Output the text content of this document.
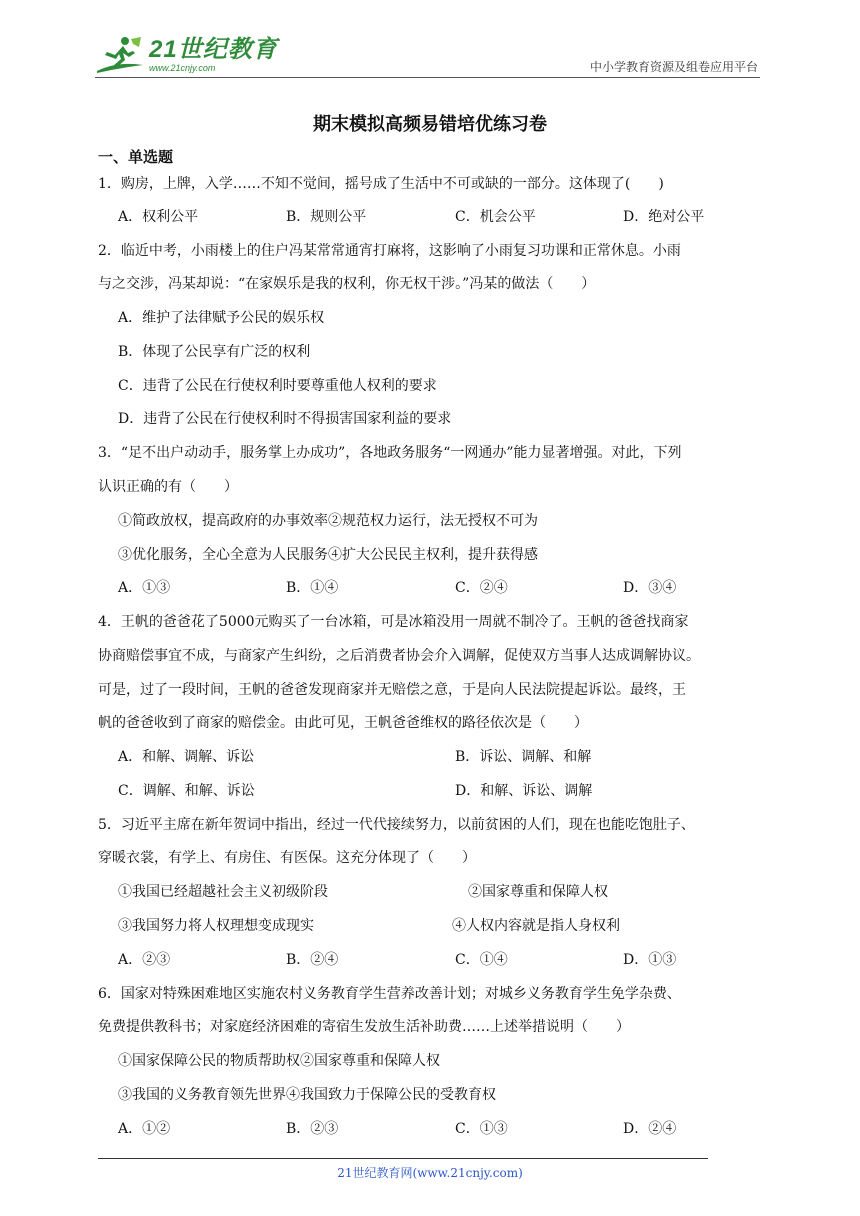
21世纪教育
www.21cnjy.com	中小学教育资源及组卷应用平台
期末模拟高频易错培优练习卷
一、单选题
1．购房，上牌，入学……不知不觉间，摇号成了生活中不可或缺的一部分。这体现了(　　)
A．权利公平	B．规则公平	C．机会公平	D．绝对公平
2．临近中考，小雨楼上的住户冯某常常通宵打麻将，这影响了小雨复习功课和正常休息。小雨
与之交涉，冯某却说：“在家娱乐是我的权利，你无权干涉。”冯某的做法（　　）
A．维护了法律赋予公民的娱乐权
B．体现了公民享有广泛的权利
C．违背了公民在行使权利时要尊重他人权利的要求
D．违背了公民在行使权利时不得损害国家利益的要求
3．“足不出户动动手，服务掌上办成功”，各地政务服务“一网通办”能力显著增强。对此，下列
认识正确的有（　　）
①简政放权，提高政府的办事效率②规范权力运行，法无授权不可为
③优化服务，全心全意为人民服务④扩大公民民主权利，提升获得感
A．①③	B．①④	C．②④	D．③④
4．王帆的爸爸花了5000元购买了一台冰箱，可是冰箱没用一周就不制冷了。王帆的爸爸找商家
协商赔偿事宜不成，与商家产生纠纷，之后消费者协会介入调解，促使双方当事人达成调解协议。
可是，过了一段时间，王帆的爸爸发现商家并无赔偿之意，于是向人民法院提起诉讼。最终，王
帆的爸爸收到了商家的赔偿金。由此可见，王帆爸爸维权的路径依次是（　　）
A．和解、调解、诉讼	B．诉讼、调解、和解
C．调解、和解、诉讼	D．和解、诉讼、调解
5．习近平主席在新年贺词中指出，经过一代代接续努力，以前贫困的人们，现在也能吃饱肚子、
穿暖衣裳，有学上、有房住、有医保。这充分体现了（　　）
①我国已经超越社会主义初级阶段	②国家尊重和保障人权
③我国努力将人权理想变成现实	④人权内容就是指人身权利
A．②③	B．②④	C．①④	D．①③
6．国家对特殊困难地区实施农村义务教育学生营养改善计划；对城乡义务教育学生免学杂费、
免费提供教科书；对家庭经济困难的寄宿生发放生活补助费……上述举措说明（　　）
①国家保障公民的物质帮助权②国家尊重和保障人权
③我国的义务教育领先世界④我国致力于保障公民的受教育权
A．①②	B．②③	C．①③	D．②④
21世纪教育网(www.21cnjy.com)
